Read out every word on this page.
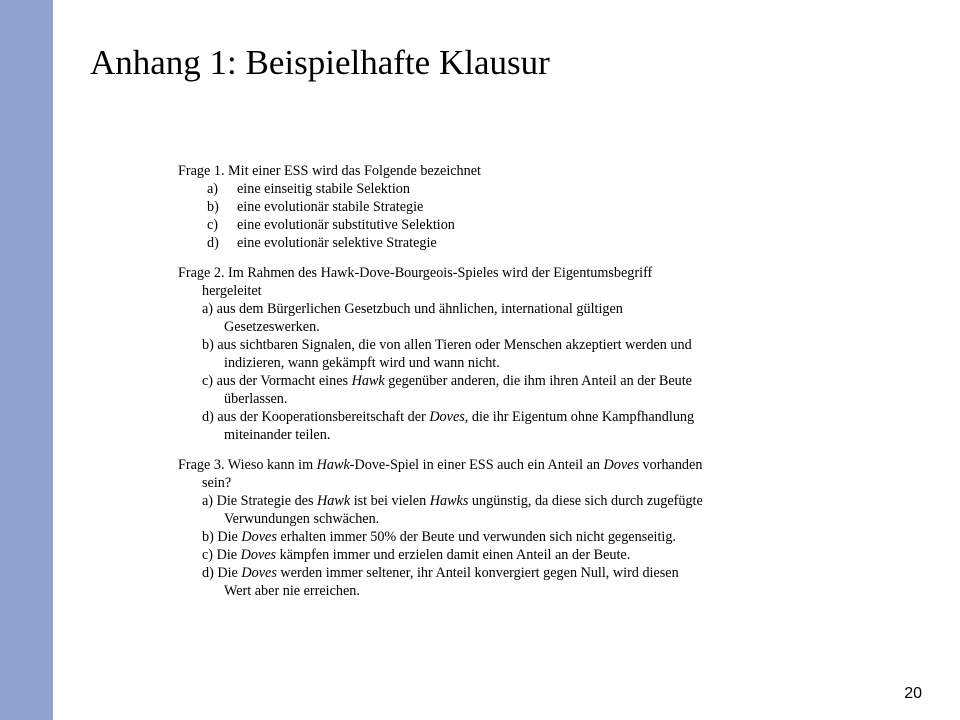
Anhang 1: Beispielhafte Klausur
Frage 1. Mit einer ESS wird das Folgende bezeichnet
a)	eine einseitig stabile Selektion
b)	eine evolutionär stabile Strategie
c)	eine evolutionär substitutive Selektion
d)	eine evolutionär selektive Strategie
Frage 2. Im Rahmen des Hawk-Dove-Bourgeois-Spieles wird der Eigentumsbegriff
hergeleitet
a) aus dem Bürgerlichen Gesetzbuch und ähnlichen, international gültigen
Gesetzeswerken.
b) aus sichtbaren Signalen, die von allen Tieren oder Menschen akzeptiert werden und
indizieren, wann gekämpft wird und wann nicht.
c) aus der Vormacht eines Hawk gegenüber anderen, die ihm ihren Anteil an der Beute
überlassen.
d) aus der Kooperationsbereitschaft der Doves, die ihr Eigentum ohne Kampfhandlung
miteinander teilen.
Frage 3. Wieso kann im Hawk-Dove-Spiel in einer ESS auch ein Anteil an Doves vorhanden
sein?
a) Die Strategie des Hawk ist bei vielen Hawks ungünstig, da diese sich durch zugefügte
Verwundungen schwächen.
b) Die Doves erhalten immer 50% der Beute und verwunden sich nicht gegenseitig.
c) Die Doves kämpfen immer und erzielen damit einen Anteil an der Beute.
d) Die Doves werden immer seltener, ihr Anteil konvergiert gegen Null, wird diesen
Wert aber nie erreichen.
20
